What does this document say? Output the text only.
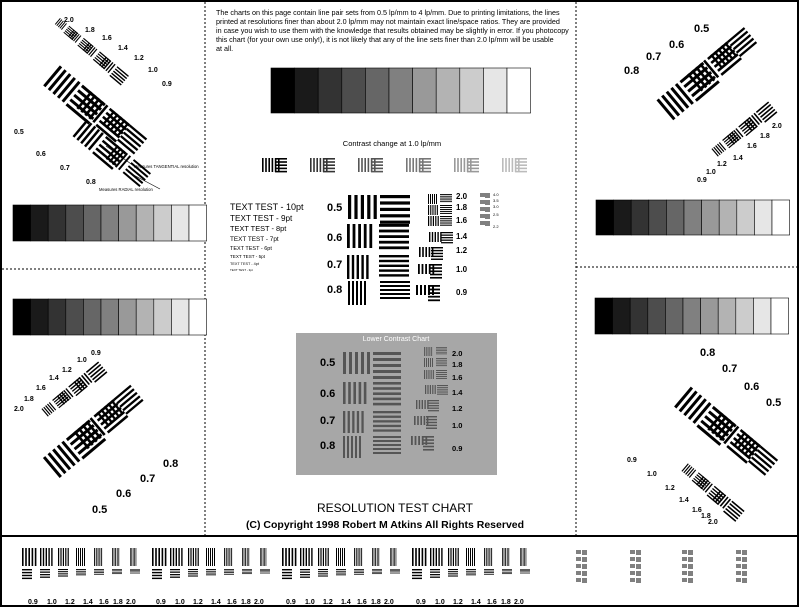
The charts on this page contain line pair sets from 0.5 lp/mm to 4 lp/mm. Due to printing limitations, the lines
printed at resolutions finer than about 2.0 lp/mm may not maintain exact line/space ratios. They are provided
in case you wish to use them with the knowledge that results obtained may be slightly in error. If you photocopy
this chart (for your own use only!), it is not likely that any of the line sets finer than 2.0 lp/mm will be usable
at all.
Contrast change at 1.0 lp/mm
TEXT TEST - 10pt
TEXT TEST - 9pt
TEXT TEST - 8pt
TEXT TEST - 7pt
TEXT TEST - 6pt
TEXT TEST - 5pt
TEXT TEST - 4pt
TEXT TEST - 3pt
0.5
0.6
0.7
0.8
2.0
1.8
1.6
1.4
1.2
1.0
0.9
4.0
3.5
3.0
2.5
2.2
Lower Contrast Chart
0.5
0.6
0.7
0.8
2.0
1.8
1.6
1.4
1.2
1.0
0.9
2.0
1.8
1.6
1.4
1.2
1.0
0.9
0.5
0.6
0.7
0.8
Measures TANGENTIAL resolution
Measures RADIAL resolution
0.5
0.6
0.7
0.8
2.0
1.8
1.6
1.4
1.2
1.0
0.9
0.9
1.0
1.2
1.4
1.6
1.8
2.0
0.8
0.7
0.6
0.5
0.8
0.7
0.6
0.5
0.9
1.0
1.2
1.4
1.6
1.8
2.0
RESOLUTION TEST CHART
(C) Copyright 1998 Robert M Atkins All Rights Reserved
0.9 1.0 1.2 1.4 1.6 1.8 2.0	0.9 1.0 1.2 1.4 1.6 1.8 2.0	0.9 1.0 1.2 1.4 1.6 1.8 2.0	0.9 1.0 1.2 1.4 1.6 1.8 2.0
